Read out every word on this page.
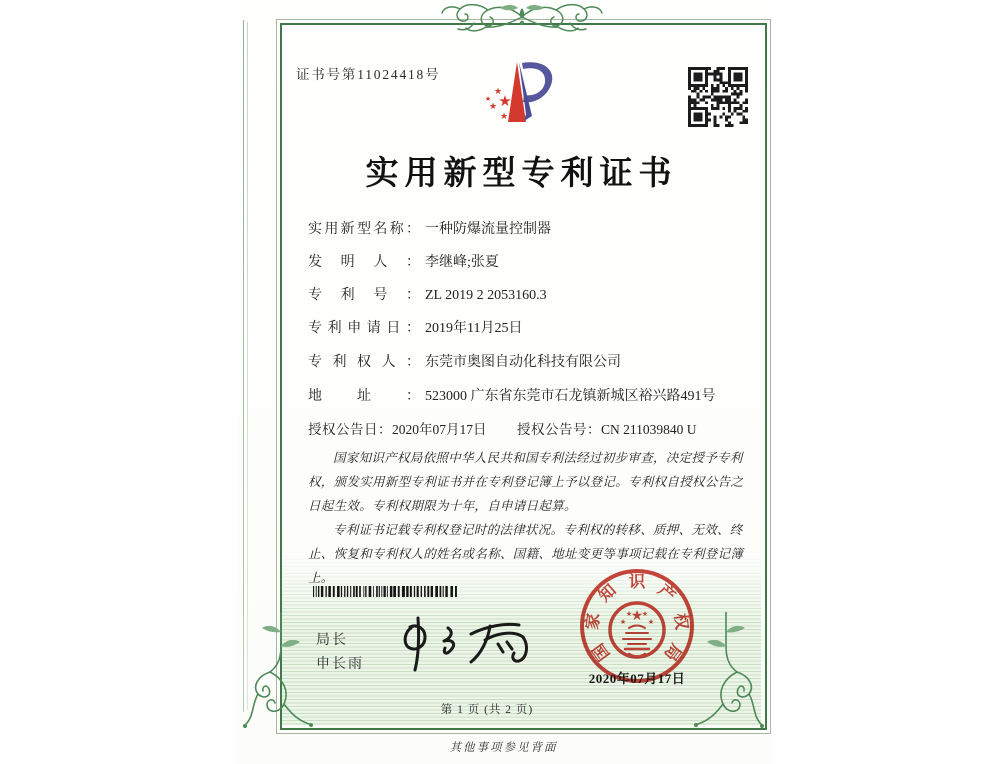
证书号第11024418号
★
★
★
★
★
实用新型专利证书
实用新型名称： 一种防爆流量控制器
发明人： 李继峰;张夏
专利号： ZL 2019 2 2053160.3
专利申请日： 2019年11月25日
专利权人： 东莞市奥图自动化科技有限公司
地址： 523000 广东省东莞市石龙镇新城区裕兴路491号
授权公告日：2020年07月17日 授权公告号：CN 211039840 U

国家知识产权局依照中华人民共和国专利法经过初步审查，决定授予专利权，颁发实用新型专利证书并在专利登记簿上予以登记。专利权自授权公告之日起生效。专利权期限为十年，自申请日起算。

专利证书记载专利权登记时的法律状况。专利权的转移、质押、无效、终止、恢复和专利权人的姓名或名称、国籍、地址变更等事项记载在专利登记簿上。

局长
申长雨
国
家
知 识 产
权
局
★
★
★ ★
★
2020年07月17日
第 1 页 (共 2 页)
其他事项参见背面
